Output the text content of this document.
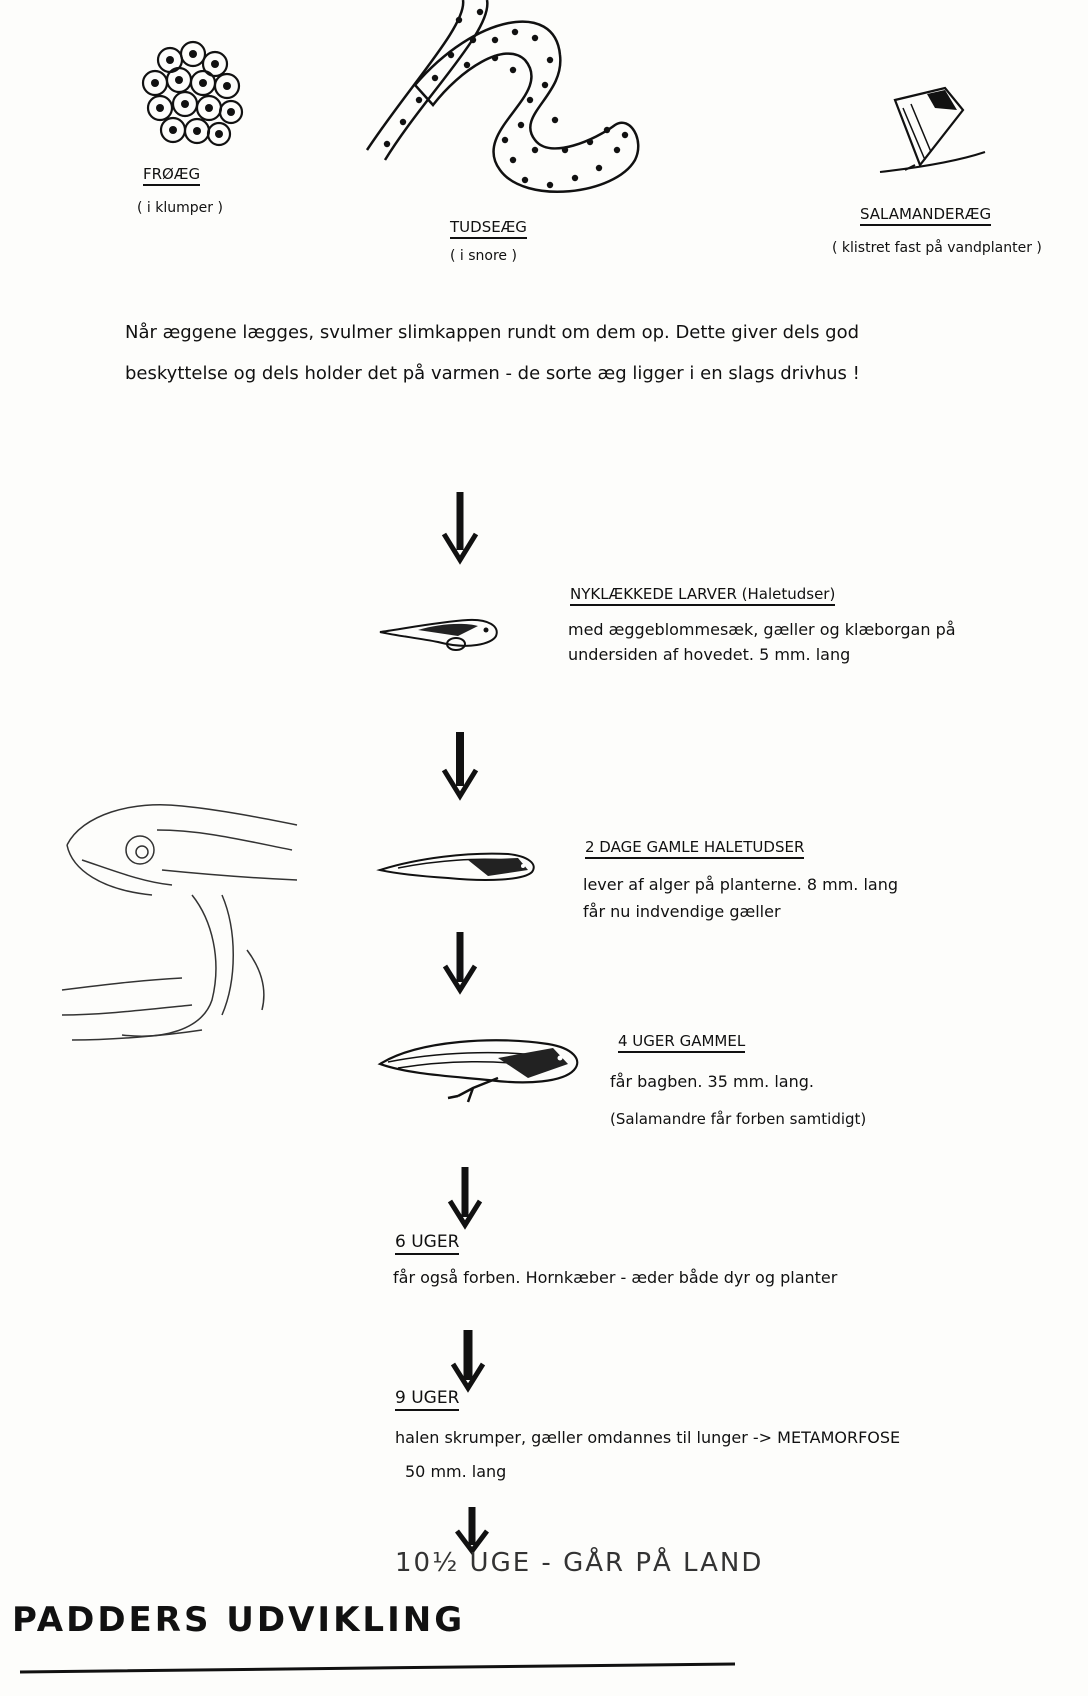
FRØÆG
( i klumper )
TUDSEÆG
( i snore )
SALAMANDERÆG
( klistret fast på vandplanter )
Når æggene lægges, svulmer slimkappen rundt om dem op. Dette giver dels god
beskyttelse og dels holder det på varmen - de sorte æg ligger i en slags drivhus !
NYKLÆKKEDE LARVER (Haletudser)
med æggeblommesæk, gæller og klæborgan på
undersiden af hovedet. 5 mm. lang
2 DAGE GAMLE HALETUDSER
lever af alger på planterne. 8 mm. lang
får nu indvendige gæller
4 UGER GAMMEL
får bagben. 35 mm. lang.
(Salamandre får forben samtidigt)
6 UGER
får også forben. Hornkæber - æder både dyr og planter
9 UGER
halen skrumper, gæller omdannes til lunger -> METAMORFOSE
50 mm. lang
10½ UGE - GÅR PÅ LAND
PADDERS UDVIKLING
